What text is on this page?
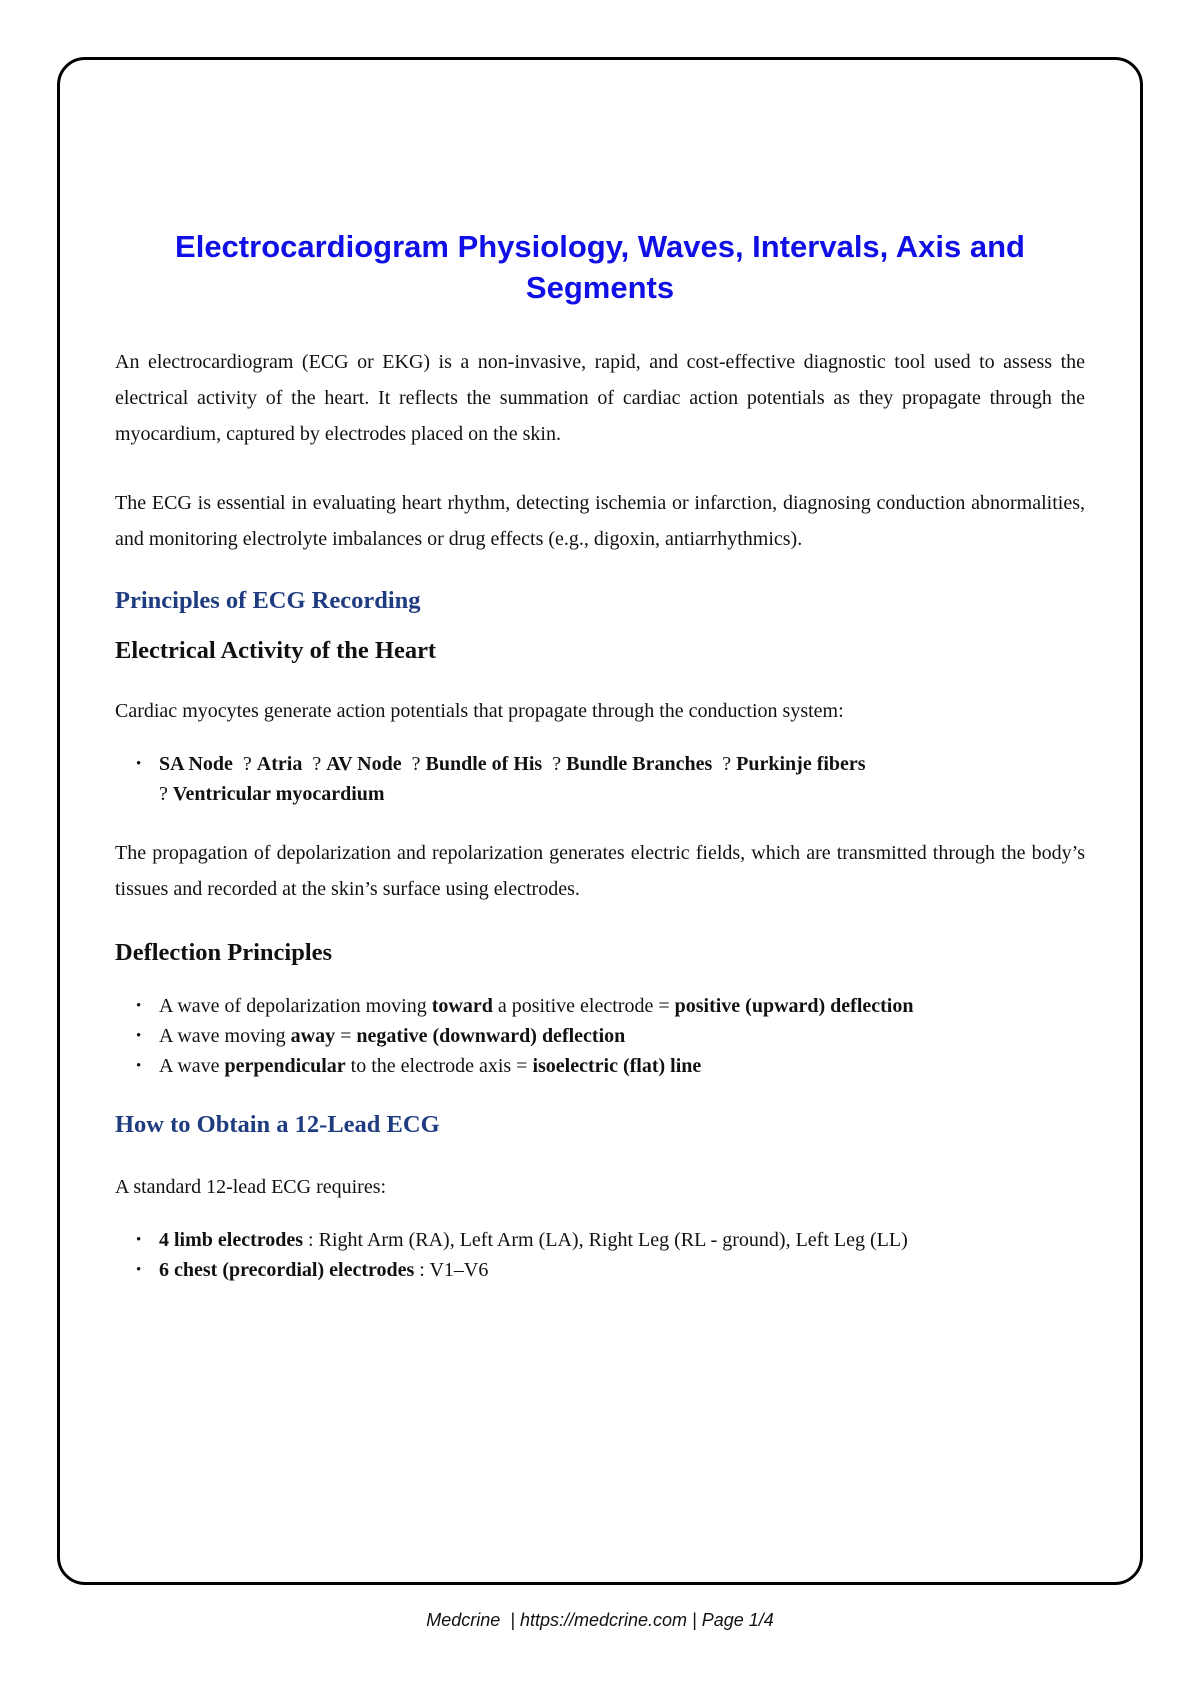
Electrocardiogram Physiology, Waves, Intervals, Axis and Segments

An electrocardiogram (ECG or EKG) is a non-invasive, rapid, and cost-effective diagnostic tool used to assess the electrical activity of the heart. It reflects the summation of cardiac action potentials as they propagate through the myocardium, captured by electrodes placed on the skin.

The ECG is essential in evaluating heart rhythm, detecting ischemia or infarction, diagnosing conduction abnormalities, and monitoring electrolyte imbalances or drug effects (e.g., digoxin, antiarrhythmics).

Principles of ECG Recording
Electrical Activity of the Heart

Cardiac myocytes generate action potentials that propagate through the conduction system:

• SA Node ? Atria ? AV Node ? Bundle of His ? Bundle Branches ? Purkinje fibers
? Ventricular myocardium

The propagation of depolarization and repolarization generates electric fields, which are transmitted through the body’s tissues and recorded at the skin’s surface using electrodes.

Deflection Principles
• A wave of depolarization moving toward a positive electrode = positive (upward) deflection
• A wave moving away = negative (downward) deflection
• A wave perpendicular to the electrode axis = isoelectric (flat) line
How to Obtain a 12-Lead ECG

A standard 12-lead ECG requires:

• 4 limb electrodes : Right Arm (RA), Left Arm (LA), Right Leg (RL - ground), Left Leg (LL)
• 6 chest (precordial) electrodes : V1–V6
Medcrine | https://medcrine.com | Page 1/4
